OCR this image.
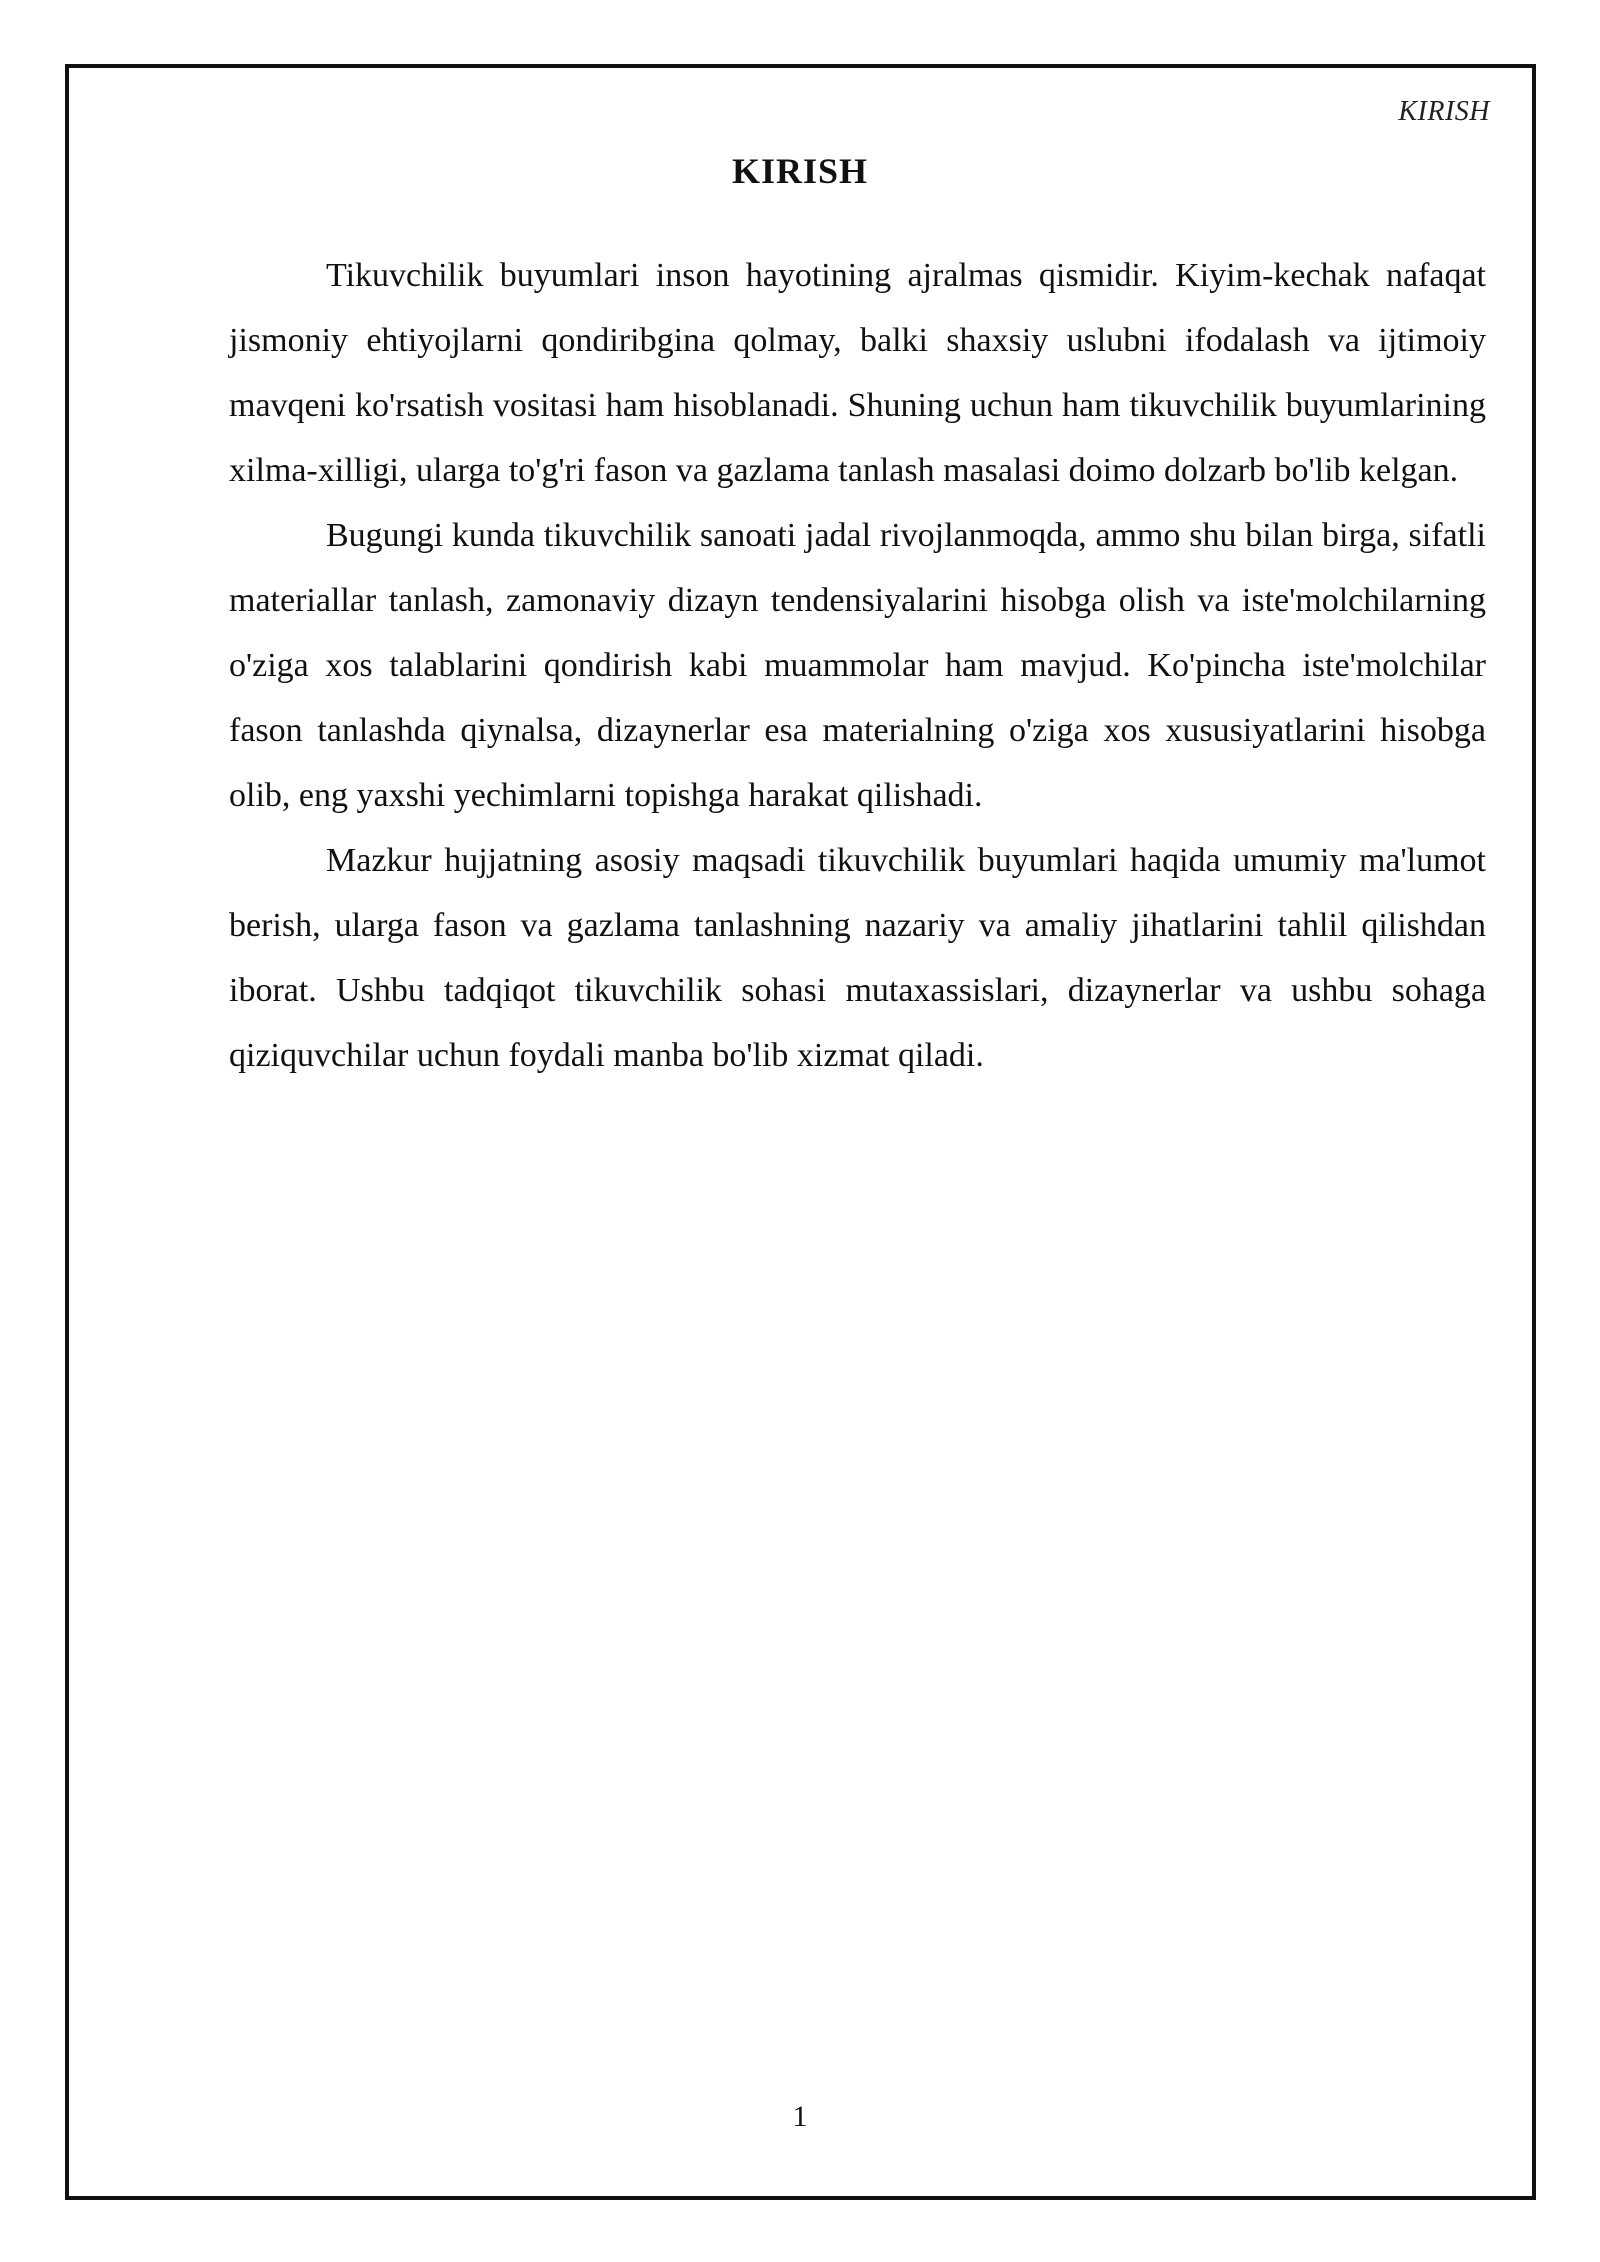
KIRISH
KIRISH

Tikuvchilik buyumlari inson hayotining ajralmas qismidir. Kiyim-kechak nafaqat jismoniy ehtiyojlarni qondiribgina qolmay, balki shaxsiy uslubni ifodalash va ijtimoiy mavqeni ko'rsatish vositasi ham hisoblanadi. Shuning uchun ham tikuvchilik buyumlarining xilma-xilligi, ularga to'g'ri fason va gazlama tanlash masalasi doimo dolzarb bo'lib kelgan.

Bugungi kunda tikuvchilik sanoati jadal rivojlanmoqda, ammo shu bilan birga, sifatli materiallar tanlash, zamonaviy dizayn tendensiyalarini hisobga olish va iste'molchilarning o'ziga xos talablarini qondirish kabi muammolar ham mavjud. Ko'pincha iste'molchilar fason tanlashda qiynalsa, dizaynerlar esa materialning o'ziga xos xususiyatlarini hisobga olib, eng yaxshi yechimlarni topishga harakat qilishadi.

Mazkur hujjatning asosiy maqsadi tikuvchilik buyumlari haqida umumiy ma'lumot berish, ularga fason va gazlama tanlashning nazariy va amaliy jihatlarini tahlil qilishdan iborat. Ushbu tadqiqot tikuvchilik sohasi mutaxassislari, dizaynerlar va ushbu sohaga qiziquvchilar uchun foydali manba bo'lib xizmat qiladi.

1
